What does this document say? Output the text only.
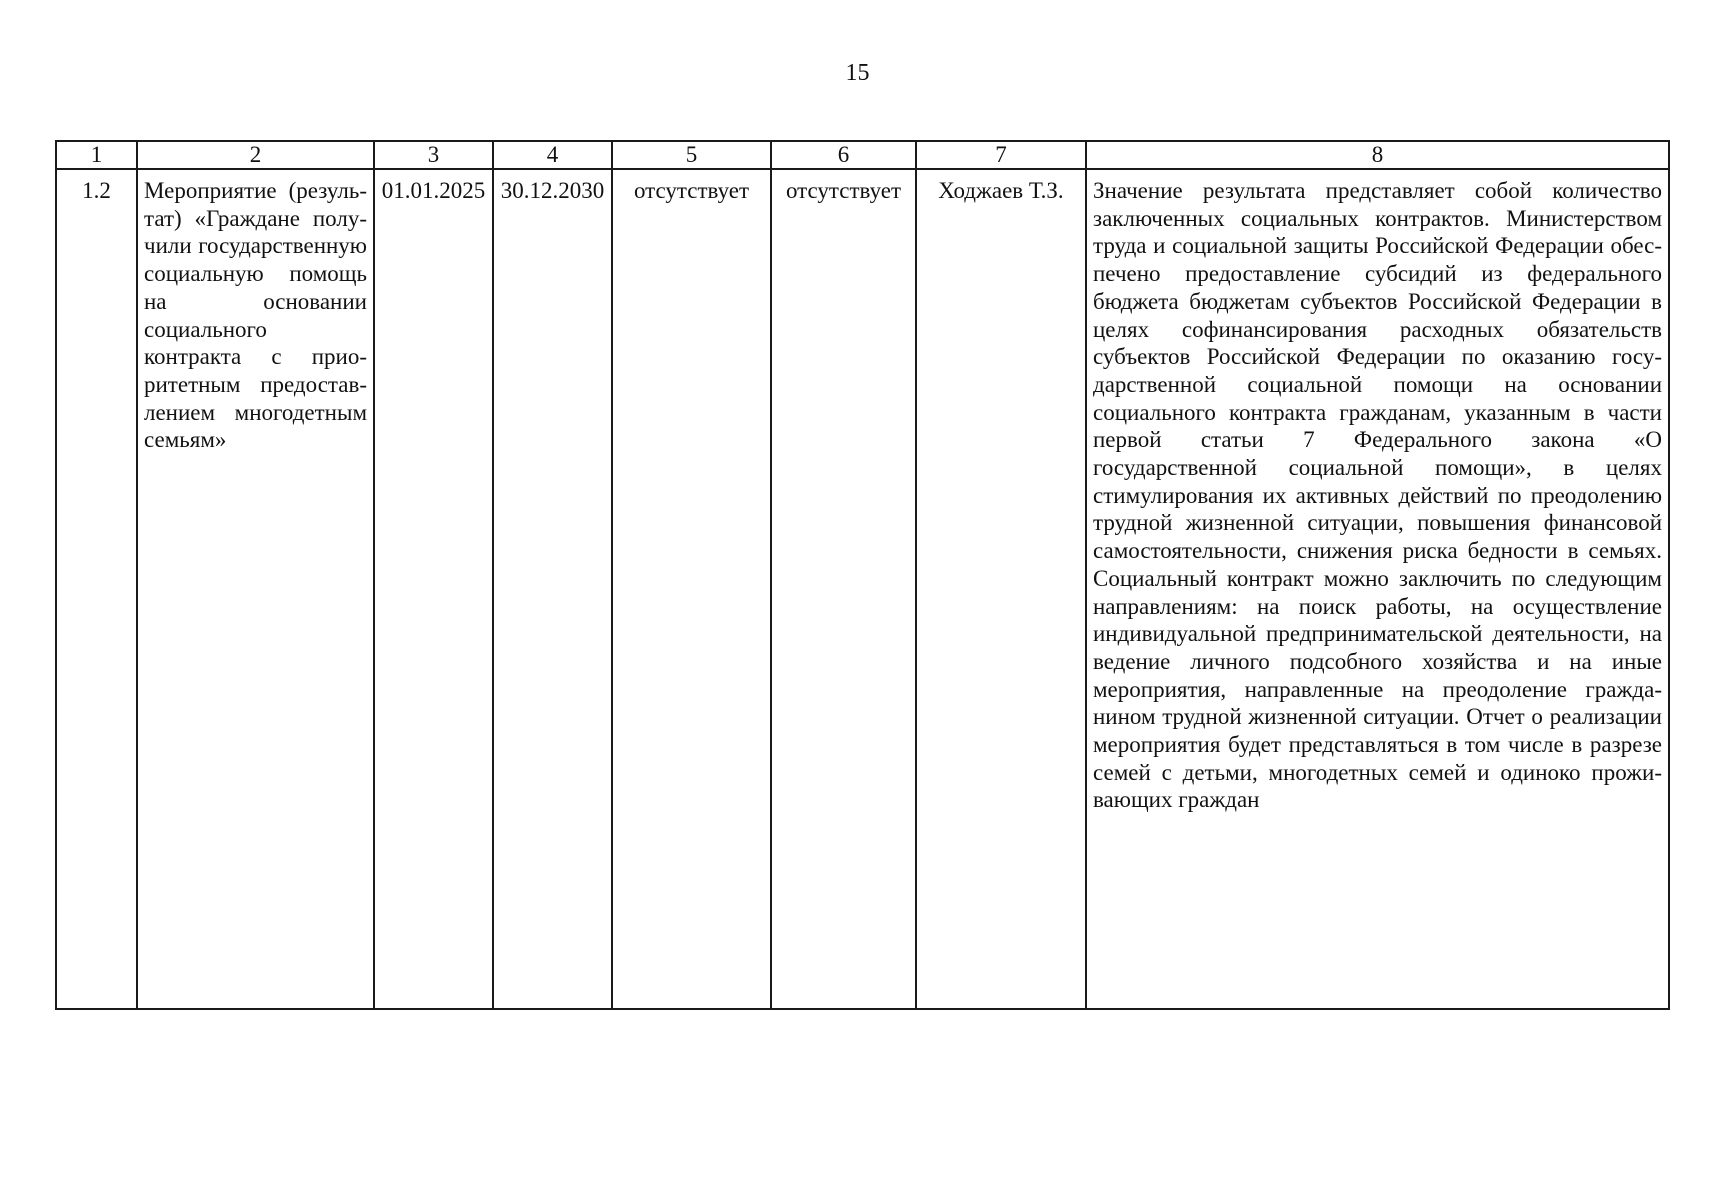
15
1	2	3	4	5	6	7	8

1.2	Мероприятие (результат) «Граждане получили государственную социальную помощь на основании социального контракта с приоритетным предоставлением многодетным семьям»	01.01.2025	30.12.2030	отсутствует	отсутствует	Ходжаев Т.З.	Значение результата представляет собой количество заключенных социальных контрактов. Министерством труда и социальной защиты Российской Федерации обеспечено предоставление субсидий из федерального бюджета бюджетам субъектов Российской Федерации в целях софинансирования расходных обязательств субъектов Российской Федерации по оказанию государственной социальной помощи на основании социального контракта гражданам, указанным в части первой статьи 7 Федерального закона «О государственной социальной помощи», в целях стимулирования их активных действий по преодолению трудной жизненной ситуации, повышения финансовой самостоятельности, снижения риска бедности в семьях. Социальный контракт можно заключить по следующим направлениям: на поиск работы, на осуществление индивидуальной предпринимательской деятельности, на ведение личного подсобного хозяйства и на иные мероприятия, направленные на преодоление гражданином трудной жизненной ситуации. Отчет о реализации мероприятия будет представляться в том числе в разрезе семей с детьми, многодетных семей и одиноко проживающих граждан
